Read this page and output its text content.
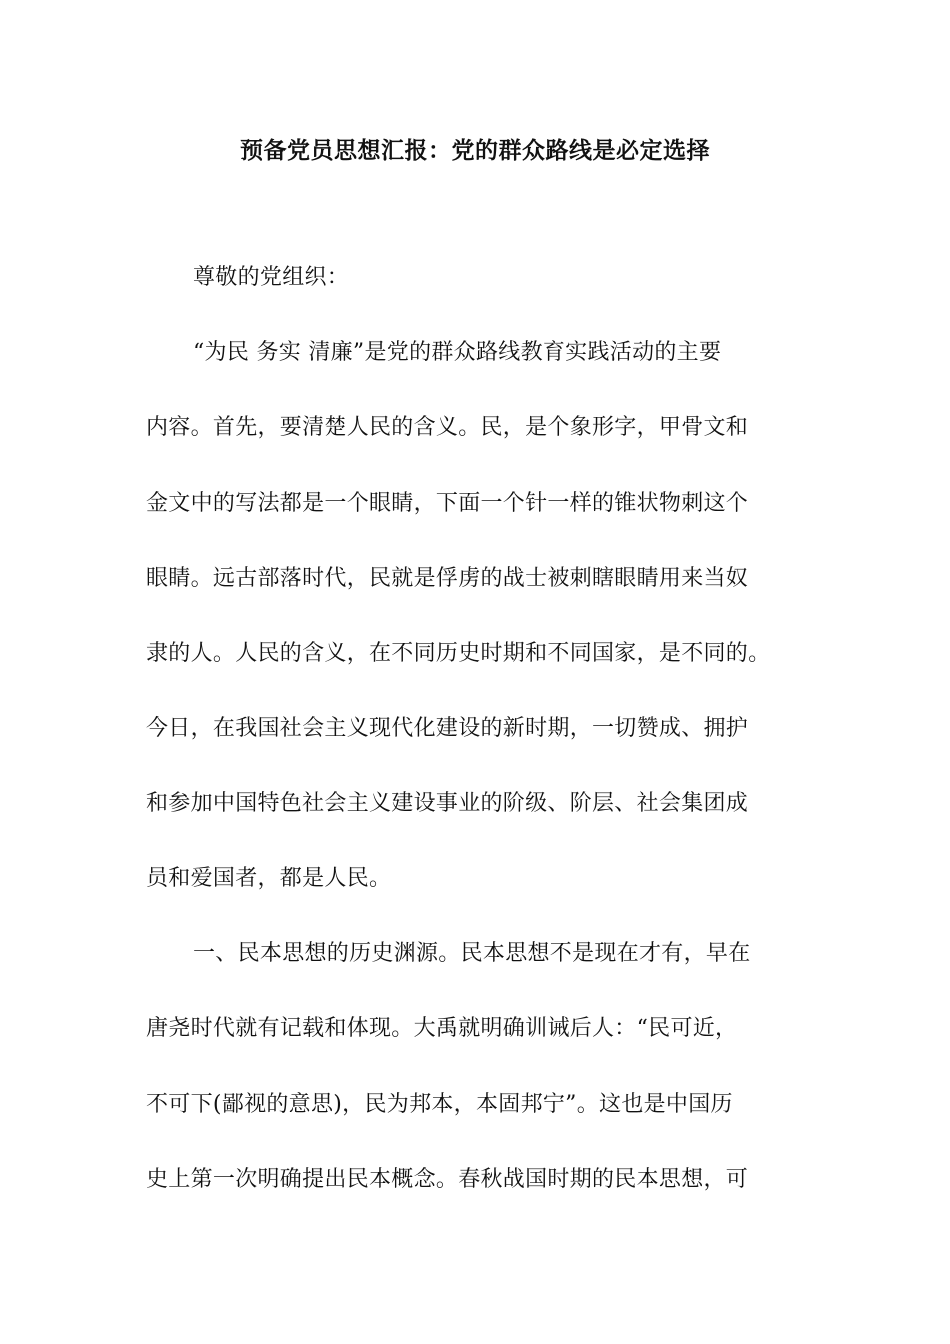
预备党员思想汇报：党的群众路线是必定选择
尊敬的党组织：
“为民 务实 清廉”是党的群众路线教育实践活动的主要
内容。首先，要清楚人民的含义。民，是个象形字，甲骨文和
金文中的写法都是一个眼睛，下面一个针一样的锥状物刺这个
眼睛。远古部落时代，民就是俘虏的战士被刺瞎眼睛用来当奴
隶的人。人民的含义，在不同历史时期和不同国家，是不同的。
今日，在我国社会主义现代化建设的新时期，一切赞成、拥护
和参加中国特色社会主义建设事业的阶级、阶层、社会集团成
员和爱国者，都是人民。
一、民本思想的历史渊源。民本思想不是现在才有，早在
唐尧时代就有记载和体现。大禹就明确训诫后人：“民可近，
不可下(鄙视的意思)，民为邦本，本固邦宁”。这也是中国历
史上第一次明确提出民本概念。春秋战国时期的民本思想，可
